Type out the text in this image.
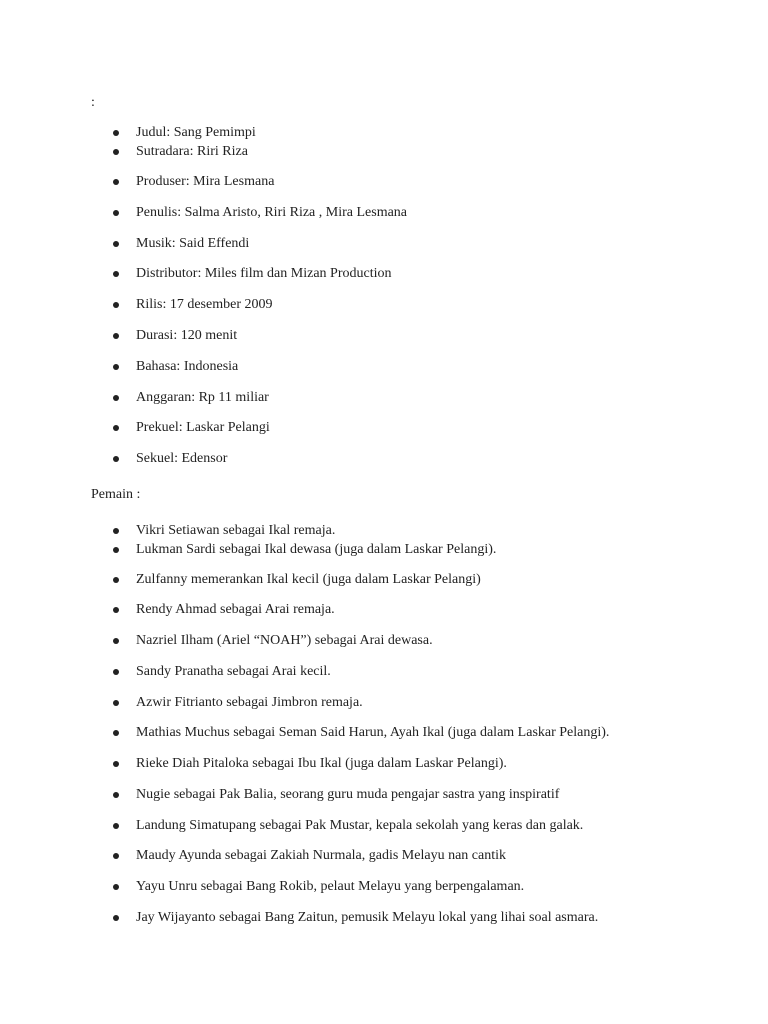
:
Judul: Sang Pemimpi
Sutradara: Riri Riza
Produser: Mira Lesmana
Penulis: Salma Aristo, Riri Riza , Mira Lesmana
Musik: Said Effendi
Distributor: Miles film dan Mizan Production
Rilis: 17 desember 2009
Durasi: 120 menit
Bahasa: Indonesia
Anggaran: Rp 11 miliar
Prekuel: Laskar Pelangi
Sekuel: Edensor
Pemain :
Vikri Setiawan sebagai Ikal remaja.
Lukman Sardi sebagai Ikal dewasa (juga dalam Laskar Pelangi).
Zulfanny memerankan Ikal kecil (juga dalam Laskar Pelangi)
Rendy Ahmad sebagai Arai remaja.
Nazriel Ilham (Ariel “NOAH”) sebagai Arai dewasa.
Sandy Pranatha sebagai Arai kecil.
Azwir Fitrianto sebagai Jimbron remaja.
Mathias Muchus sebagai Seman Said Harun, Ayah Ikal (juga dalam Laskar Pelangi).
Rieke Diah Pitaloka sebagai Ibu Ikal (juga dalam Laskar Pelangi).
Nugie sebagai Pak Balia, seorang guru muda pengajar sastra yang inspiratif
Landung Simatupang sebagai Pak Mustar, kepala sekolah yang keras dan galak.
Maudy Ayunda sebagai Zakiah Nurmala, gadis Melayu nan cantik
Yayu Unru sebagai Bang Rokib, pelaut Melayu yang berpengalaman.
Jay Wijayanto sebagai Bang Zaitun, pemusik Melayu lokal yang lihai soal asmara.
